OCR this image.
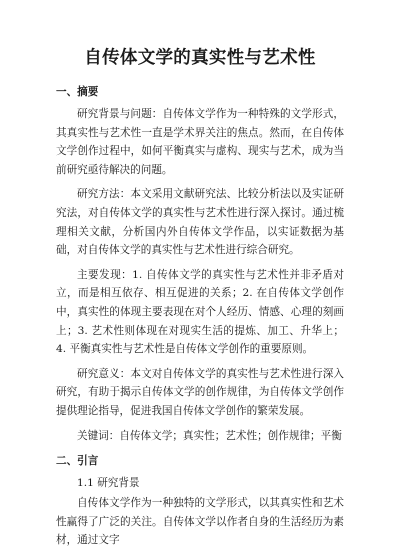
自传体文学的真实性与艺术性
一、摘要

研究背景与问题：自传体文学作为一种特殊的文学形式，其真实性与艺术性一直是学术界关注的焦点。然而，在自传体文学创作过程中，如何平衡真实与虚构、现实与艺术，成为当前研究亟待解决的问题。

研究方法：本文采用文献研究法、比较分析法以及实证研究法，对自传体文学的真实性与艺术性进行深入探讨。通过梳理相关文献，分析国内外自传体文学作品，以实证数据为基础，对自传体文学的真实性与艺术性进行综合研究。

主要发现：1. 自传体文学的真实性与艺术性并非矛盾对立，而是相互依存、相互促进的关系；2. 在自传体文学创作中，真实性的体现主要表现在对个人经历、情感、心理的刻画上；3. 艺术性则体现在对现实生活的提炼、加工、升华上；4. 平衡真实性与艺术性是自传体文学创作的重要原则。

研究意义：本文对自传体文学的真实性与艺术性进行深入研究，有助于揭示自传体文学的创作规律，为自传体文学创作提供理论指导，促进我国自传体文学创作的繁荣发展。

关键词：自传体文学；真实性；艺术性；创作规律；平衡

二、引言

1.1 研究背景

自传体文学作为一种独特的文学形式，以其真实性和艺术性赢得了广泛的关注。自传体文学以作者自身的生活经历为素材，通过文字
